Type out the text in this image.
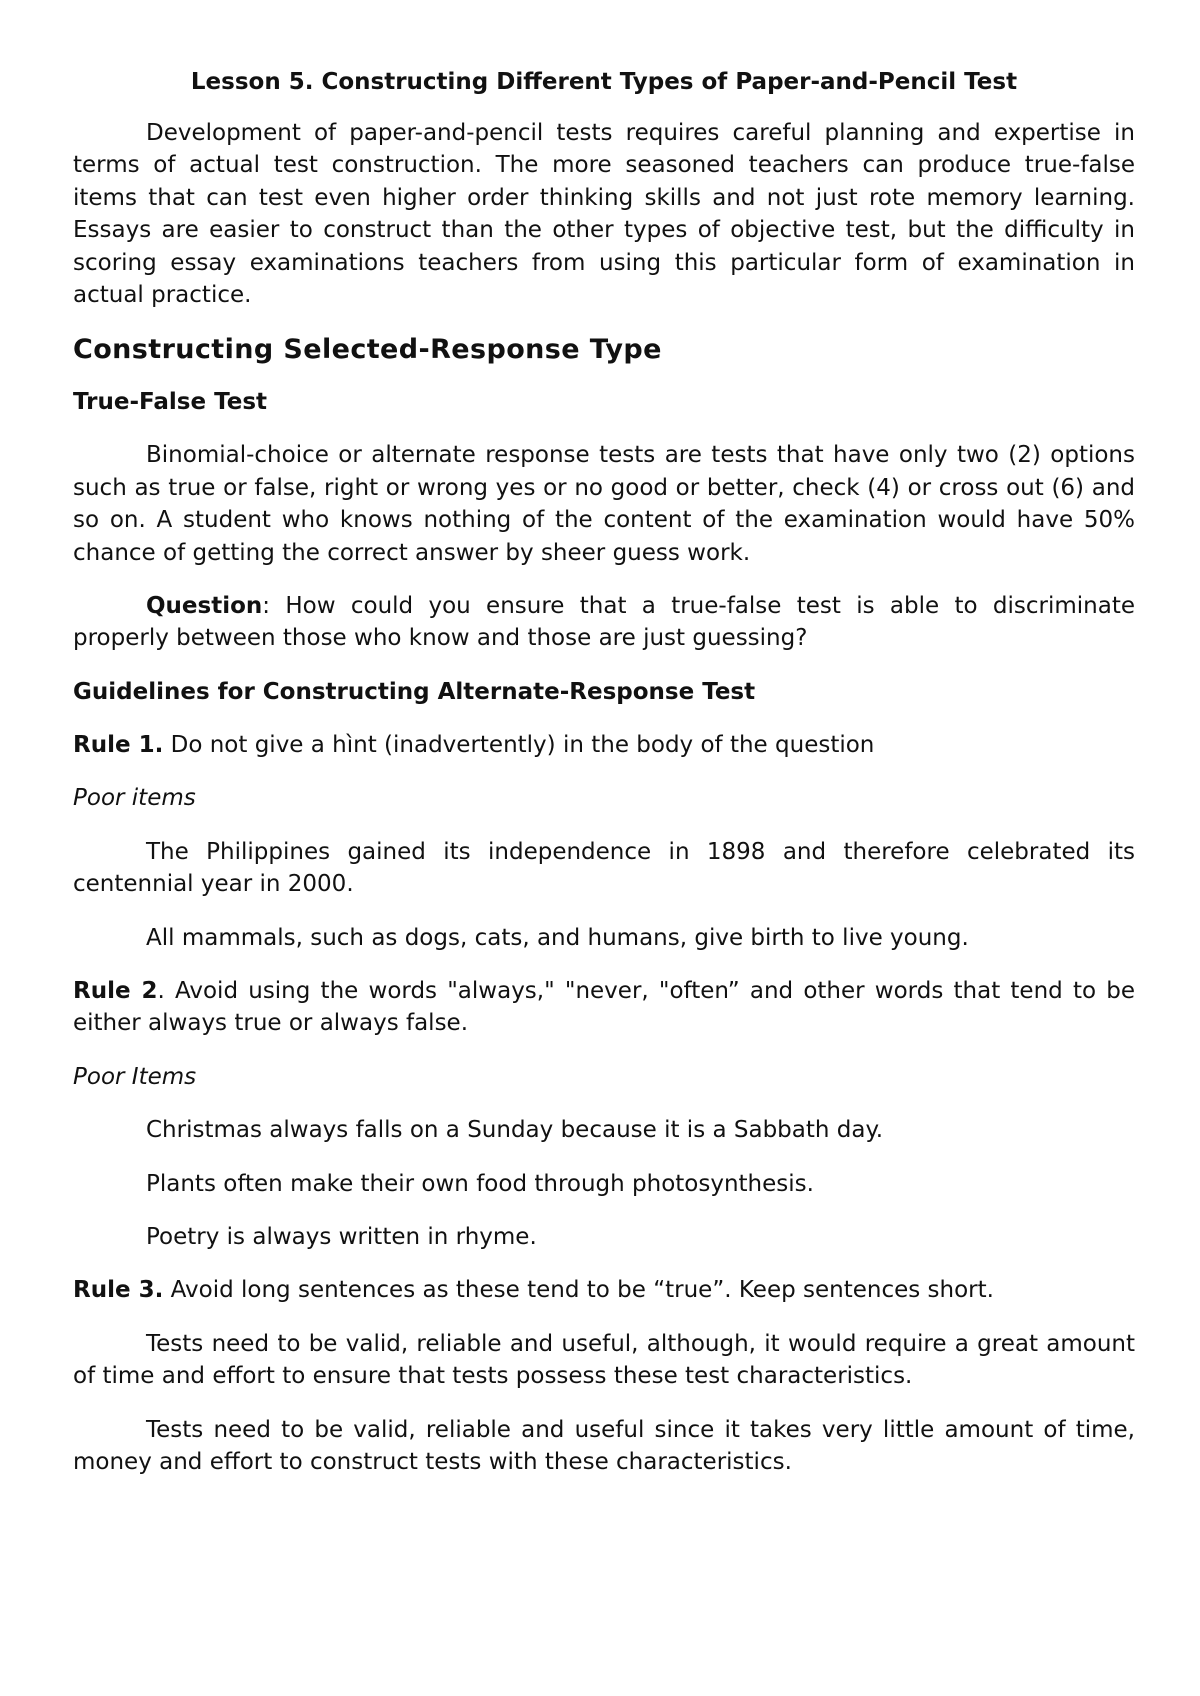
Lesson 5. Constructing Different Types of Paper-and-Pencil Test

Development of paper-and-pencil tests requires careful planning and expertise in terms of actual test construction. The more seasoned teachers can produce true-false items that can test even higher order thinking skills and not just rote memory learning. Essays are easier to construct than the other types of objective test, but the difficulty in scoring essay examinations teachers from using this particular form of examination in actual practice.

Constructing Selected-Response Type
True-False Test

Binomial-choice or alternate response tests are tests that have only two (2) options such as true or false, right or wrong yes or no good or better, check (4) or cross out (6) and so on. A student who knows nothing of the content of the examination would have 50% chance of getting the correct answer by sheer guess work.

Question: How could you ensure that a true-false test is able to discriminate properly between those who know and those are just guessing?

Guidelines for Constructing Alternate-Response Test

Rule 1. Do not give a hìnt (inadvertently) in the body of the question

Poor items

The Philippines gained its independence in 1898 and therefore celebrated its centennial year in 2000.

All mammals, such as dogs, cats, and humans, give birth to live young.

Rule 2. Avoid using the words "always," "never, "often” and other words that tend to be either always true or always false.

Poor Items

Christmas always falls on a Sunday because it is a Sabbath day.

Plants often make their own food through photosynthesis.

Poetry is always written in rhyme.

Rule 3. Avoid long sentences as these tend to be “true”. Keep sentences short.

Tests need to be valid, reliable and useful, although, it would require a great amount of time and effort to ensure that tests possess these test characteristics.

Tests need to be valid, reliable and useful since it takes very little amount of time, money and effort to construct tests with these characteristics.
